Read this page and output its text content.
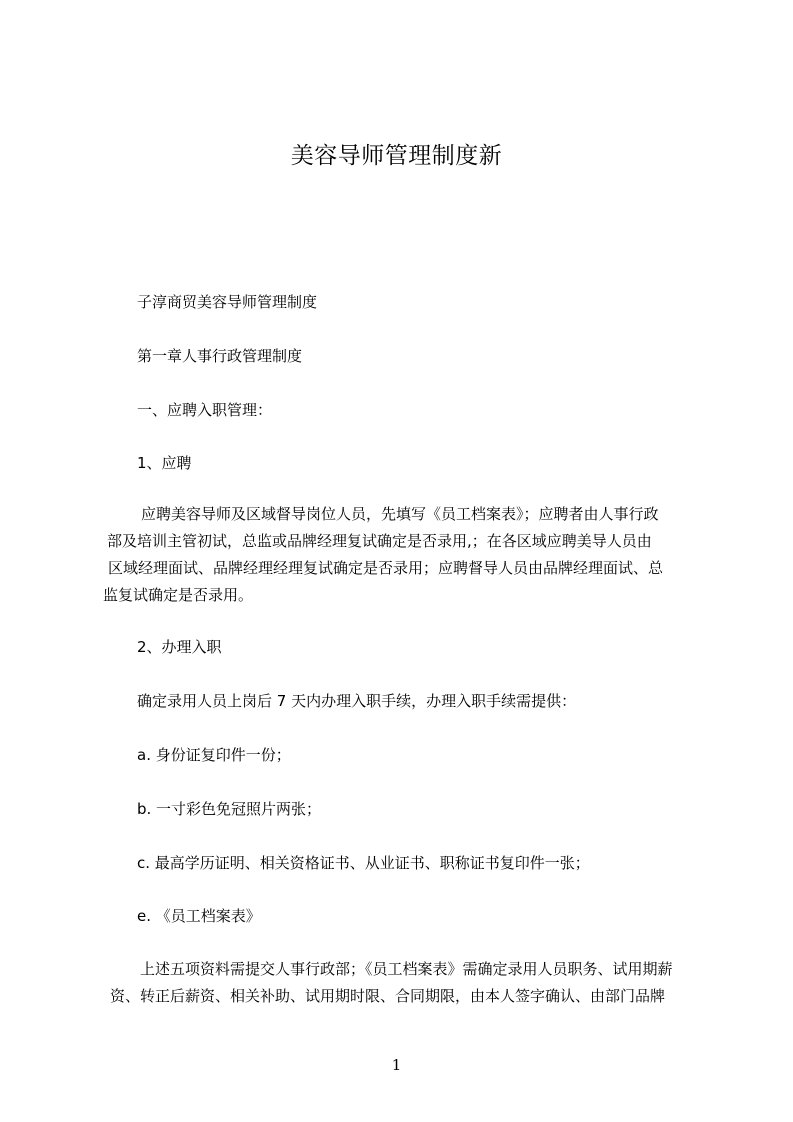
美容导师管理制度新
子淳商贸美容导师管理制度
第一章人事行政管理制度
一、应聘入职管理：
1、应聘
应聘美容导师及区域督导岗位人员，先填写《员工档案表》；应聘者由人事行政
部及培训主管初试，总监或品牌经理复试确定是否录用,；在各区域应聘美导人员由
区域经理面试、品牌经理经理复试确定是否录用；应聘督导人员由品牌经理面试、总
监复试确定是否录用。
2、办理入职
确定录用人员上岗后 7 天内办理入职手续，办理入职手续需提供：
a. 身份证复印件一份；
b. 一寸彩色免冠照片两张；
c. 最高学历证明、相关资格证书、从业证书、职称证书复印件一张；
e. 《员工档案表》
上述五项资料需提交人事行政部；《员工档案表》需确定录用人员职务、试用期薪
资、转正后薪资、相关补助、试用期时限、合同期限，由本人签字确认、由部门品牌
1
